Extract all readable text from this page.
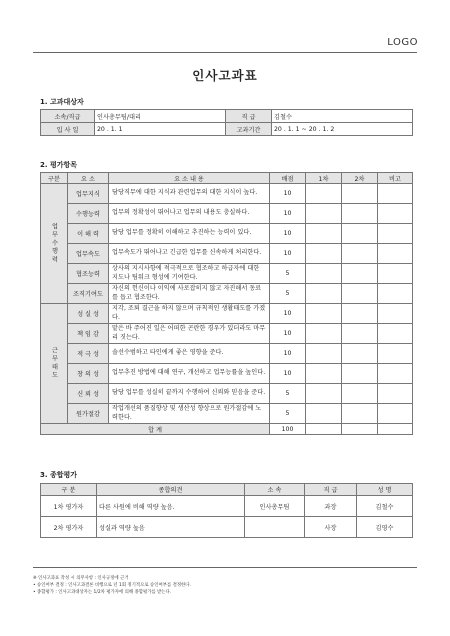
LOGO
인사고과표
1. 고과대상자
소속/직급	인사총무팀/대리	직 급	김철수
입 사 일	20 . 1. 1	고과기간	20 . 1. 1 ~ 20 . 1. 2
2. 평가항목
구분	요 소	요 소 내 용	배점	1차	2차	비고
업무수행력	업무지식	담당직무에 대한 지식과 관련업무의 대한 지식이 높다.	10			
	수행능력	업무의 정확성이 뛰어나고 업무의 내용도 충실하다.	10			
	이 해 력	담당 업무를 정확히 이해하고 추진하는 능력이 있다.	10			
	업무속도	업무속도가 뛰어나고 긴급한 업무를 신속하게 처리한다.	10			
	협조능력	상사의 지시사항에 적극적으로 협조하고 하급자에 대한 지도나 팀워크 형성에 기여한다.	5			
	조직기여도	자신의 헌신이나 이익에 사로잡히지 않고 자진해서 동료를 돕고 협조한다.	5			
근무태도	성 실 성	지각, 조퇴 결근을 하지 않으며 규칙적인 생활태도를 가졌다.	10			
	책 임 감	맡은 바 주어진 일은 어떠한 곤란한 경우가 있더라도 마무리 짓는다.	10			
	적 극 성	솔선수범하고 타인에게 좋은 영향을 준다.	10			
	창 의 성	업무추진 방법에 대해 연구, 개선하고 업무능률을 높인다.	10			
	신 뢰 성	담당 업무를 성실히 끝까지 수행하여 신뢰와 믿음을 준다.	5			
	원가절감	작업개선의 품질향상 및 생산성 향상으로 원가절감에 노력한다.	5			
합 계			100			
3. 종합평가
구 분	종합의견	소 속	직 급	성 명
1차 평가자	다른 사원에 비해 역량 높음.	인사총무팀	과장	김철수
2차 평가자	성실과 역량 높음		사장	김영수
※ 인사고과표 작성 시 의무사항 : 인사규정에 근거
• 승인여부 결정 : 인사고과결론 비행으로 년 1회 정기적으로 승인여부를 결정한다.
• 종합평가 : 인사고과대상자는 1/2차 평가자에 의해 종합평가를 받는다.
